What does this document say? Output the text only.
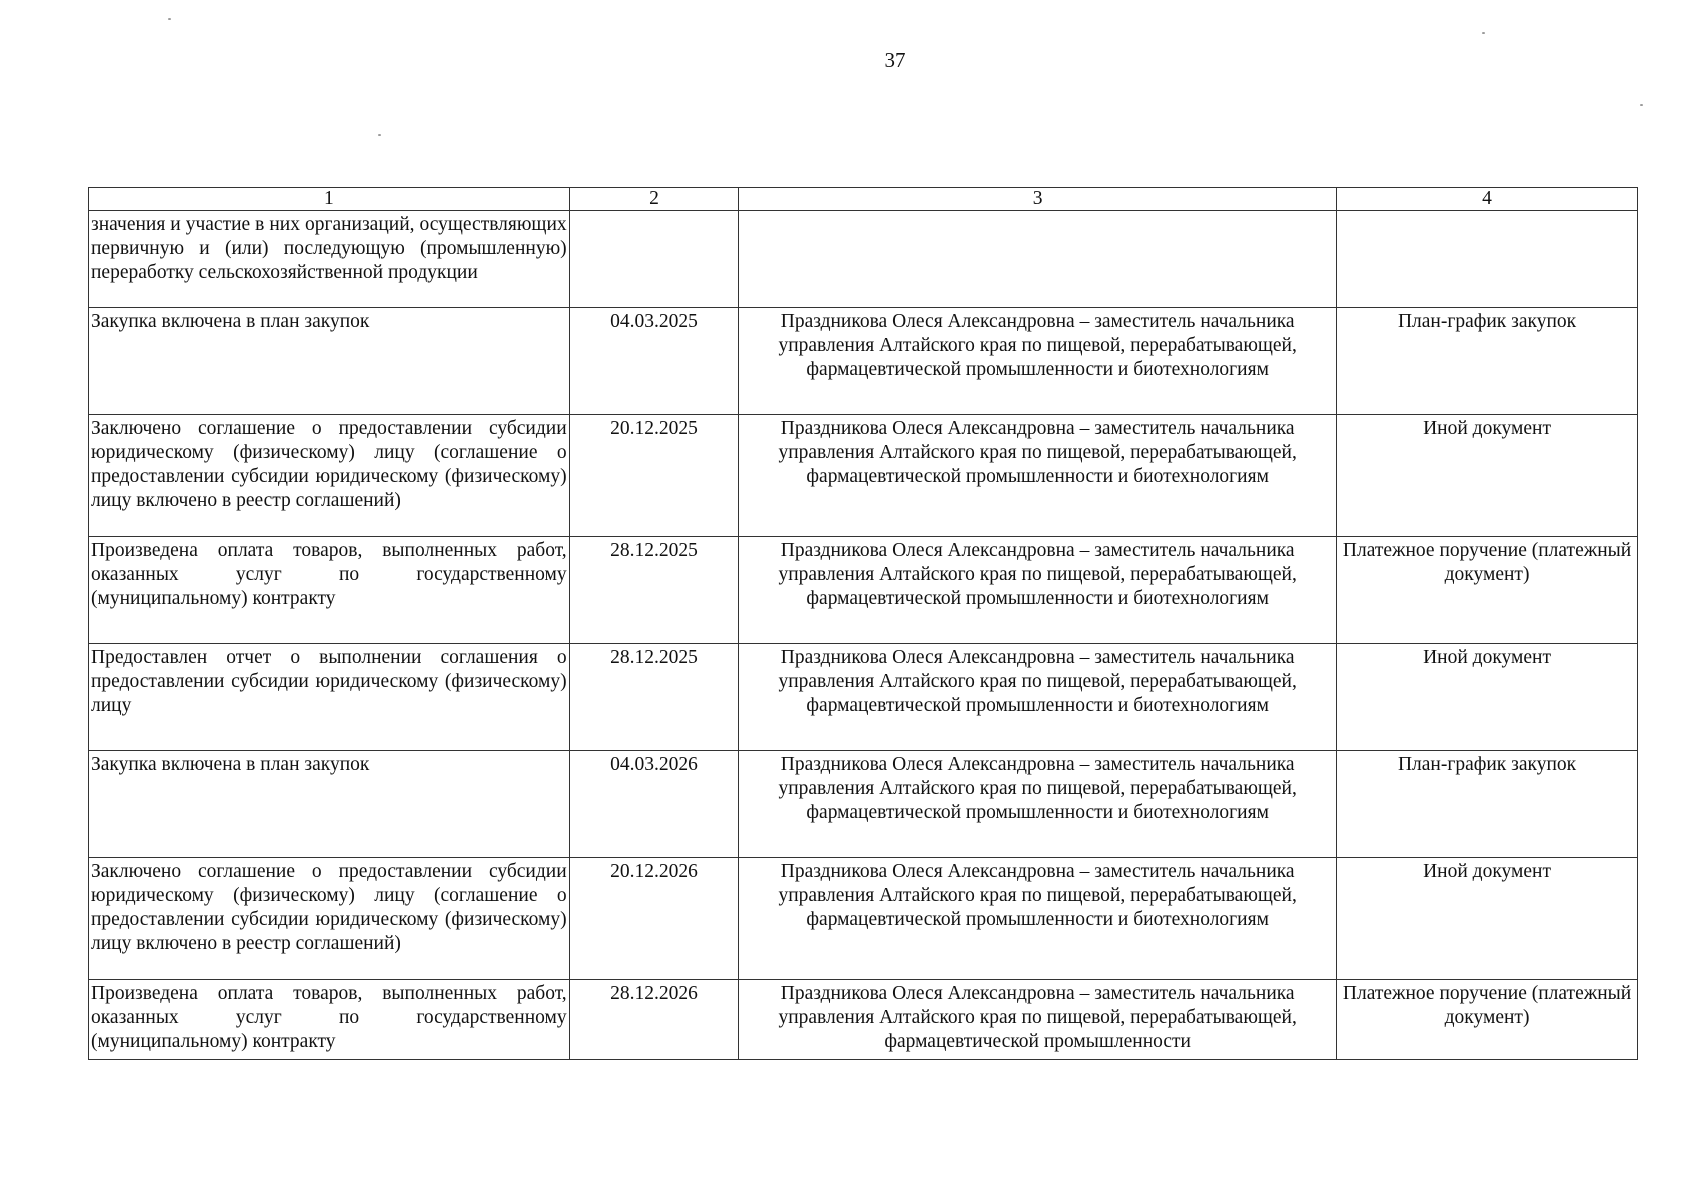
37
1	2	3	4
значения и участие в них организаций, осуществляющих первичную и (или) последующую (промышленную) переработку сельскохозяйственной продукции			
Закупка включена в план закупок	04.03.2025	Праздникова Олеся Александровна – заместитель начальника управления Алтайского края по пищевой, перерабатывающей, фармацевтической промышленности и биотехнологиям	План-график закупок
Заключено соглашение о предоставлении субсидии юридическому (физическому) лицу (соглашение о предоставлении субсидии юридическому (физическому) лицу включено в реестр соглашений)	20.12.2025	Праздникова Олеся Александровна – заместитель начальника управления Алтайского края по пищевой, перерабатывающей, фармацевтической промышленности и биотехнологиям	Иной документ
Произведена оплата товаров, выполненных работ, оказанных услуг по государственному (муниципальному) контракту	28.12.2025	Праздникова Олеся Александровна – заместитель начальника управления Алтайского края по пищевой, перерабатывающей, фармацевтической промышленности и биотехнологиям	Платежное поручение (платежный документ)
Предоставлен отчет о выполнении соглашения о предоставлении субсидии юридическому (физическому) лицу	28.12.2025	Праздникова Олеся Александровна – заместитель начальника управления Алтайского края по пищевой, перерабатывающей, фармацевтической промышленности и биотехнологиям	Иной документ
Закупка включена в план закупок	04.03.2026	Праздникова Олеся Александровна – заместитель начальника управления Алтайского края по пищевой, перерабатывающей, фармацевтической промышленности и биотехнологиям	План-график закупок
Заключено соглашение о предоставлении субсидии юридическому (физическому) лицу (соглашение о предоставлении субсидии юридическому (физическому) лицу включено в реестр соглашений)	20.12.2026	Праздникова Олеся Александровна – заместитель начальника управления Алтайского края по пищевой, перерабатывающей, фармацевтической промышленности и биотехнологиям	Иной документ
Произведена оплата товаров, выполненных работ, оказанных услуг по государственному (муниципальному) контракту	28.12.2026	Праздникова Олеся Александровна – заместитель начальника управления Алтайского края по пищевой, перерабатывающей, фармацевтической промышленности	Платежное поручение (платежный документ)
